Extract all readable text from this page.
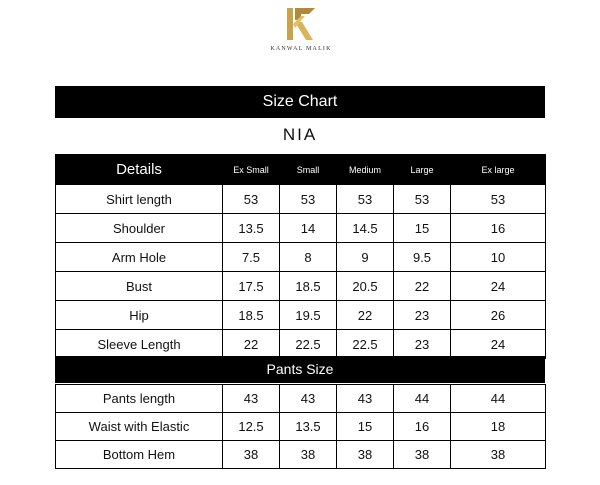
KANWAL MALIK
Size Chart
NIA
Details	Ex Small	Small	Medium	Large	Ex large
Shirt length	53	53	53	53	53
Shoulder	13.5	14	14.5	15	16
Arm Hole	7.5	8	9	9.5	10
Bust	17.5	18.5	20.5	22	24
Hip	18.5	19.5	22	23	26
Sleeve Length	22	22.5	22.5	23	24
Pants Size
Pants length	43	43	43	44	44
Waist with Elastic	12.5	13.5	15	16	18
Bottom Hem	38	38	38	38	38
